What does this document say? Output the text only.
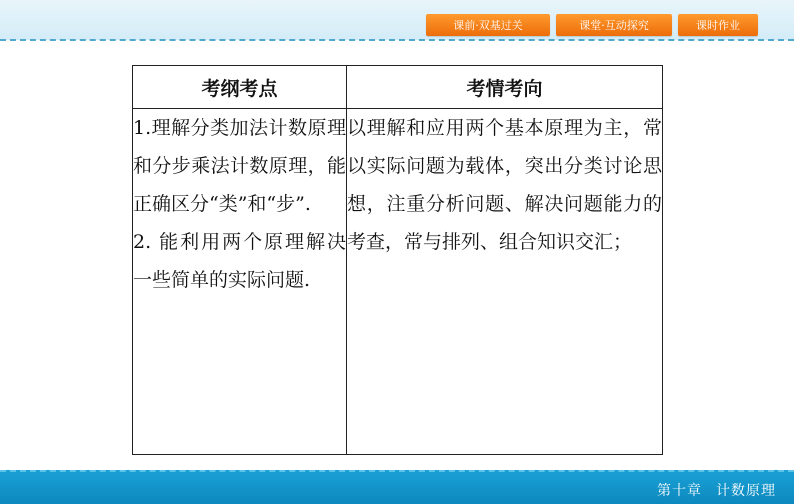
课前·双基过关	课堂·互动探究	课时作业
考纲考点	考情考向

1.理解分类加法计数原理和分步乘法计数原理，能正确区分“类”和“步”.

2. 能利用两个原理解决一些简单的实际问题.	以理解和应用两个基本原理为主，常以实际问题为载体，突出分类讨论思想，注重分析问题、解决问题能力的考查，常与排列、组合知识交汇；

第十章 计数原理
